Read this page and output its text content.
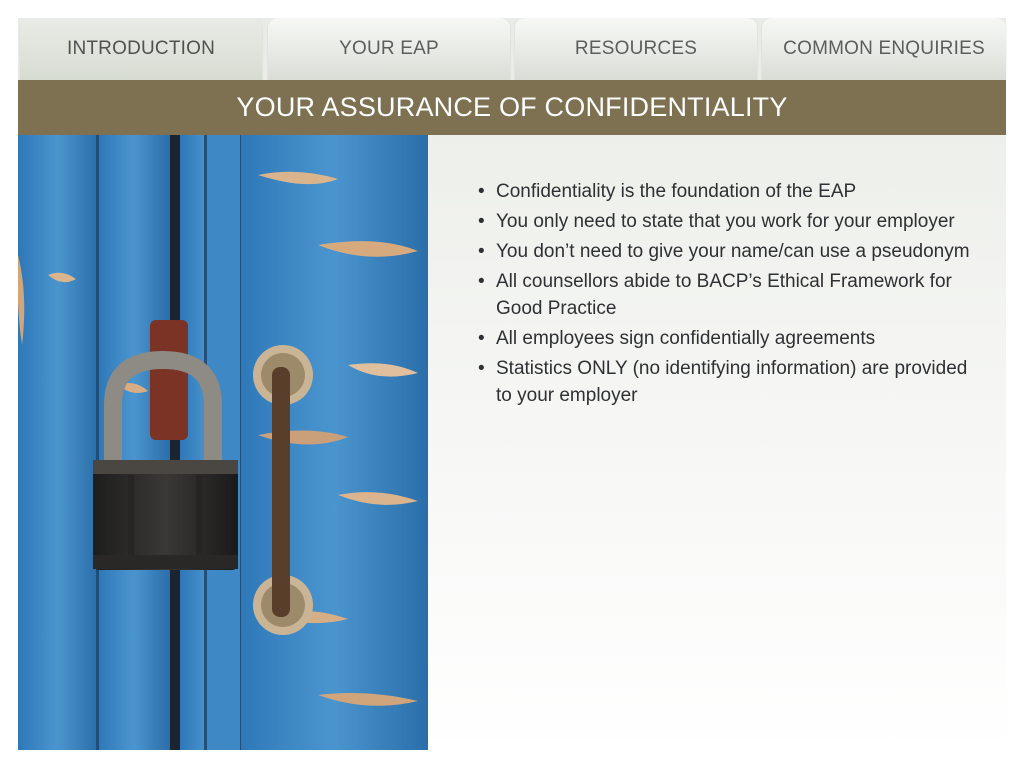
INTRODUCTION	YOUR EAP	RESOURCES	COMMON ENQUIRIES
YOUR ASSURANCE OF CONFIDENTIALITY
• Confidentiality is the foundation of the EAP
• You only need to state that you work for your employer
• You don’t need to give your name/can use a pseudonym
• All counsellors abide to BACP’s Ethical Framework for Good Practice
• All employees sign confidentially agreements
• Statistics ONLY (no identifying information) are provided to your employer
